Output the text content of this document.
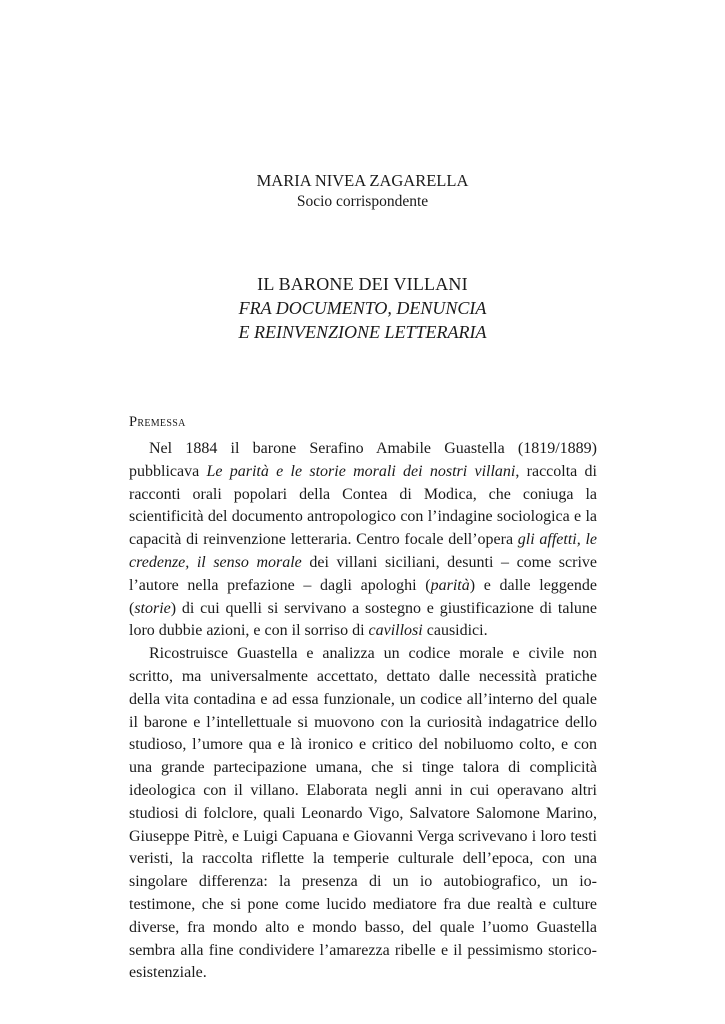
MARIA NIVEA ZAGARELLA
Socio corrispondente
IL BARONE DEI VILLANI
FRA DOCUMENTO, DENUNCIA
E REINVENZIONE LETTERARIA
Premessa

Nel 1884 il barone Serafino Amabile Guastella (1819/1889) pubblicava Le parità e le storie morali dei nostri villani, raccolta di racconti orali popolari della Contea di Modica, che coniuga la scientificità del documento antropologico con l’indagine sociologica e la capacità di reinvenzione letteraria. Centro focale dell’opera gli affetti, le credenze, il senso morale dei villani siciliani, desunti – come scrive l’autore nella prefazione – dagli apologhi (parità) e dalle leggende (storie) di cui quelli si servivano a sostegno e giustificazione di talune loro dubbie azioni, e con il sorriso di cavillosi causidici.

Ricostruisce Guastella e analizza un codice morale e civile non scritto, ma universalmente accettato, dettato dalle necessità pratiche della vita contadina e ad essa funzionale, un codice all’interno del quale il barone e l’intellettuale si muovono con la curiosità indagatrice dello studioso, l’umore qua e là ironico e critico del nobiluomo colto, e con una grande partecipazione umana, che si tinge talora di complicità ideologica con il villano. Elaborata negli anni in cui operavano altri studiosi di folclore, quali Leonardo Vigo, Salvatore Salomone Marino, Giuseppe Pitrè, e Luigi Capuana e Giovanni Verga scrivevano i loro testi veristi, la raccolta riflette la temperie culturale dell’epoca, con una singolare differenza: la presenza di un io autobiografico, un io-testimone, che si pone come lucido mediatore fra due realtà e culture diverse, fra mondo alto e mondo basso, del quale l’uomo Guastella sembra alla fine condividere l’amarezza ribelle e il pessimismo storico-esistenziale.
